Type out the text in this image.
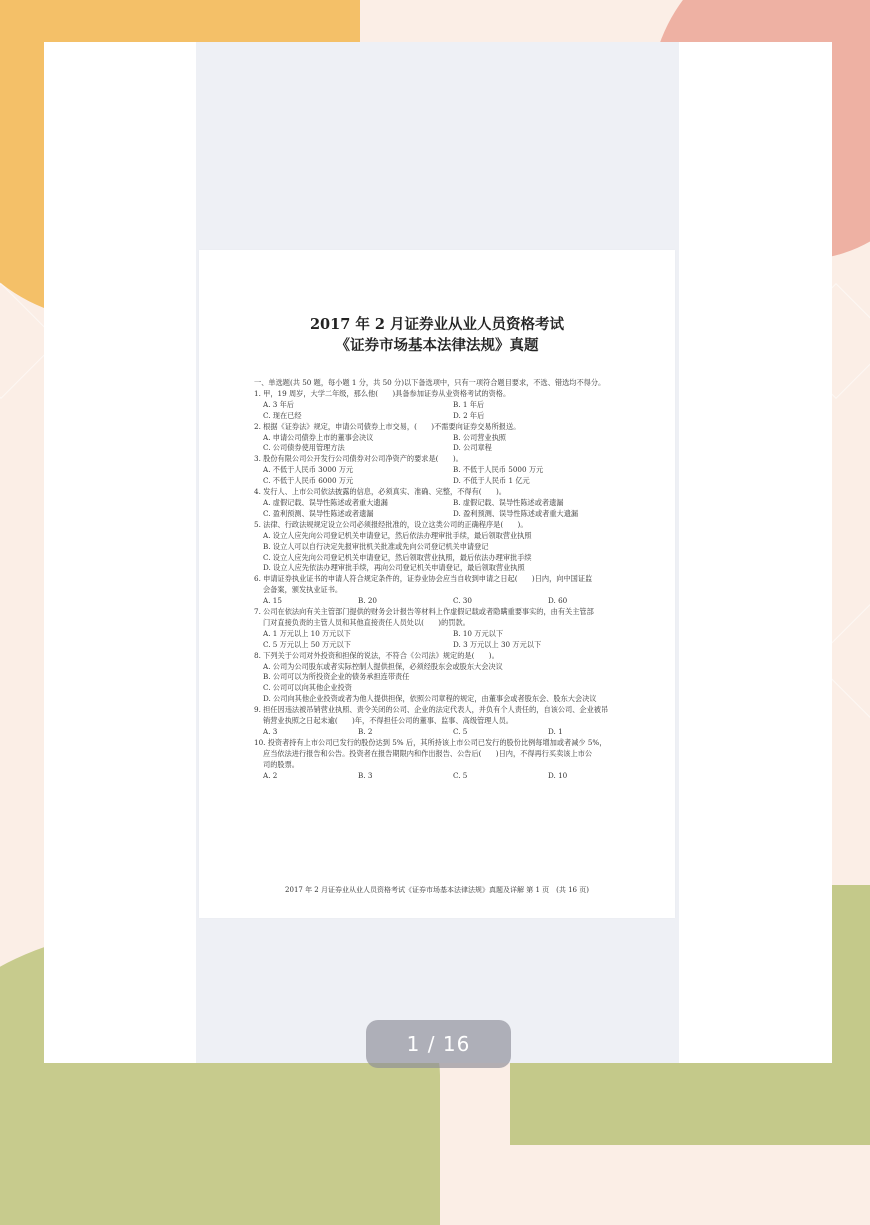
2017 年 2 月证券业从业人员资格考试
《证券市场基本法律法规》真题
一、单选题(共 50 题，每小题 1 分，共 50 分)以下备选项中，只有一项符合题目要求，不选、错选均不得分。
1. 甲，19 周岁，大学二年级，那么他(　　)具备参加证券从业资格考试的资格。
A. 3 年后	B. 1 年后
C. 现在已经	D. 2 年后
2. 根据《证券法》规定，申请公司债券上市交易，(　　)不需要向证券交易所报送。
A. 申请公司债券上市的董事会决议	B. 公司营业执照
C. 公司债券使用管理方法	D. 公司章程
3. 股份有限公司公开发行公司债券对公司净资产的要求是(　　)。
A. 不低于人民币 3000 万元	B. 不低于人民币 5000 万元
C. 不低于人民币 6000 万元	D. 不低于人民币 1 亿元
4. 发行人、上市公司依法披露的信息，必须真实、准确、完整，不得有(　　)。
A. 虚假记载、误导性陈述或者重大遗漏	B. 虚假记载、误导性陈述或者遗漏
C. 盈利预测、误导性陈述或者遗漏	D. 盈利预测、误导性陈述或者重大遗漏
5. 法律、行政法规规定设立公司必须报经批准的，设立这类公司的正确程序是(　　)。
A. 设立人应先向公司登记机关申请登记，然后依法办理审批手续，最后领取营业执照
B. 设立人可以自行决定先报审批机关批准或先向公司登记机关申请登记
C. 设立人应先向公司登记机关申请登记，然后领取营业执照，最后依法办理审批手续
D. 设立人应先依法办理审批手续，再向公司登记机关申请登记，最后领取营业执照
6. 申请证券执业证书的申请人符合规定条件的，证券业协会应当自收到申请之日起(　　)日内，向中国证监
会备案，颁发执业证书。
A. 15	B. 20	C. 30	D. 60
7. 公司在依法向有关主管部门提供的财务会计报告等材料上作虚假记载或者隐瞒重要事实的，由有关主管部
门对直接负责的主管人员和其他直接责任人员处以(　　)的罚款。
A. 1 万元以上 10 万元以下	B. 10 万元以下
C. 5 万元以上 50 万元以下	D. 3 万元以上 30 万元以下
8. 下列关于公司对外投资和担保的说法，不符合《公司法》规定的是(　　)。
A. 公司为公司股东或者实际控制人提供担保，必须经股东会或股东大会决议
B. 公司可以为所投资企业的债务承担连带责任
C. 公司可以向其他企业投资
D. 公司向其他企业投资或者为他人提供担保，依照公司章程的规定，由董事会或者股东会、股东大会决议
9. 担任因违法被吊销营业执照、责令关闭的公司、企业的法定代表人，并负有个人责任的，自该公司、企业被吊
销营业执照之日起未逾(　　)年，不得担任公司的董事、监事、高级管理人员。
A. 3	B. 2	C. 5	D. 1
10. 投资者持有上市公司已发行的股份达到 5% 后，其所持该上市公司已发行的股份比例每增加或者减少 5%，
应当依法进行报告和公告。投资者在报告期限内和作出报告、公告后(　　)日内，不得再行买卖该上市公
司的股票。
A. 2	B. 3	C. 5	D. 10
2017 年 2 月证券业从业人员资格考试《证券市场基本法律法规》真题及详解 第 1 页　(共 16 页)
1 / 16
